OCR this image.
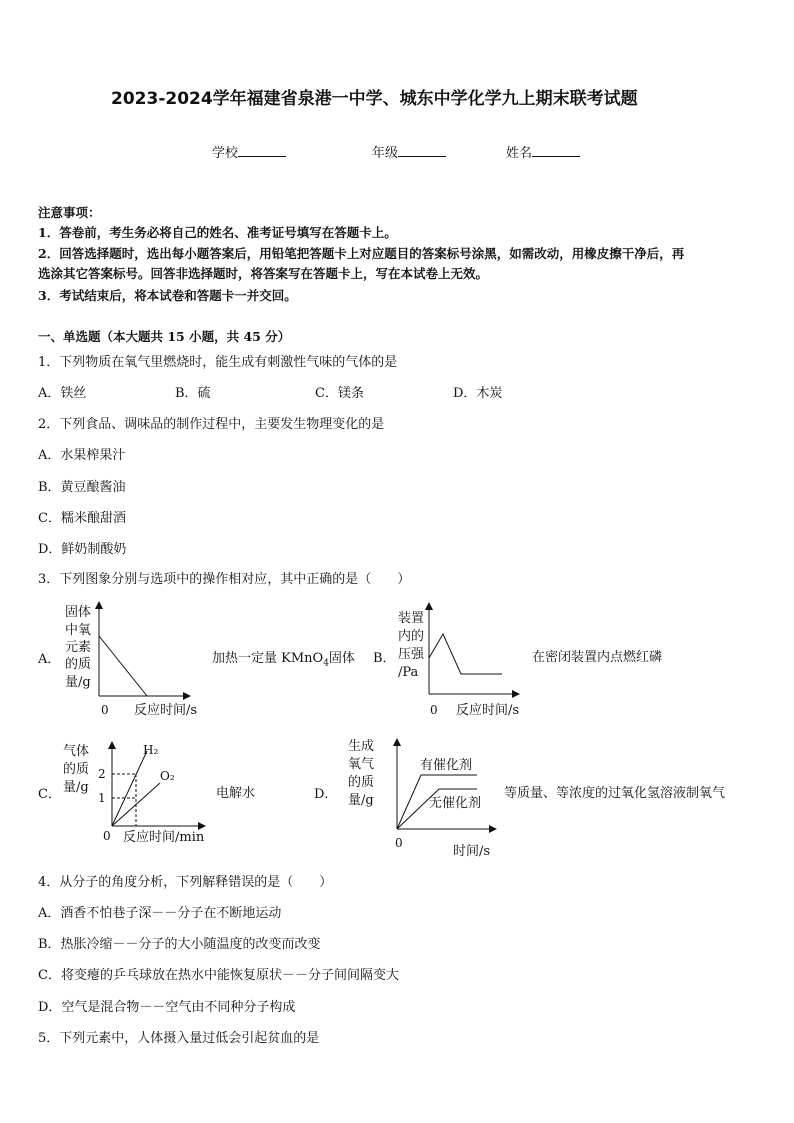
2023-2024学年福建省泉港一中学、城东中学化学九上期末联考试题
学校	年级	姓名
注意事项：
1．答卷前，考生务必将自己的姓名、准考证号填写在答题卡上。
2．回答选择题时，选出每小题答案后，用铅笔把答题卡上对应题目的答案标号涂黑，如需改动，用橡皮擦干净后，再
选涂其它答案标号。回答非选择题时，将答案写在答题卡上，写在本试卷上无效。
3．考试结束后，将本试卷和答题卡一并交回。
一、单选题（本大题共 15 小题，共 45 分）
1．下列物质在氧气里燃烧时，能生成有刺激性气味的气体的是
A．铁丝	B．硫	C．镁条	D．木炭
2．下列食品、调味品的制作过程中，主要发生物理变化的是
A．水果榨果汁
B．黄豆酿酱油
C．糯米酿甜酒
D．鲜奶制酸奶
3．下列图象分别与选项中的操作相对应，其中正确的是（　　）
A．
固体
中氧
元素
的质
量/g
0 反应时间/s
加热一定量 KMnO$_4$固体 B．
装置
内的
压强
/Pa
0 反应时间/s
在密闭装置内点燃红磷
C．
气体
的质
量/g
2
1
H₂
O₂
0 反应时间/min
电解水	D．
生成
氧气
的质
量/g
有催化剂
无催化剂
0
时间/s
等质量、等浓度的过氧化氢溶液制氧气
4．从分子的角度分析，下列解释错误的是（　　）
A．酒香不怕巷子深－－分子在不断地运动
B．热胀冷缩－－分子的大小随温度的改变而改变
C．将变瘪的乒乓球放在热水中能恢复原状－－分子间间隔变大
D．空气是混合物－－空气由不同种分子构成
5．下列元素中，人体摄入量过低会引起贫血的是
